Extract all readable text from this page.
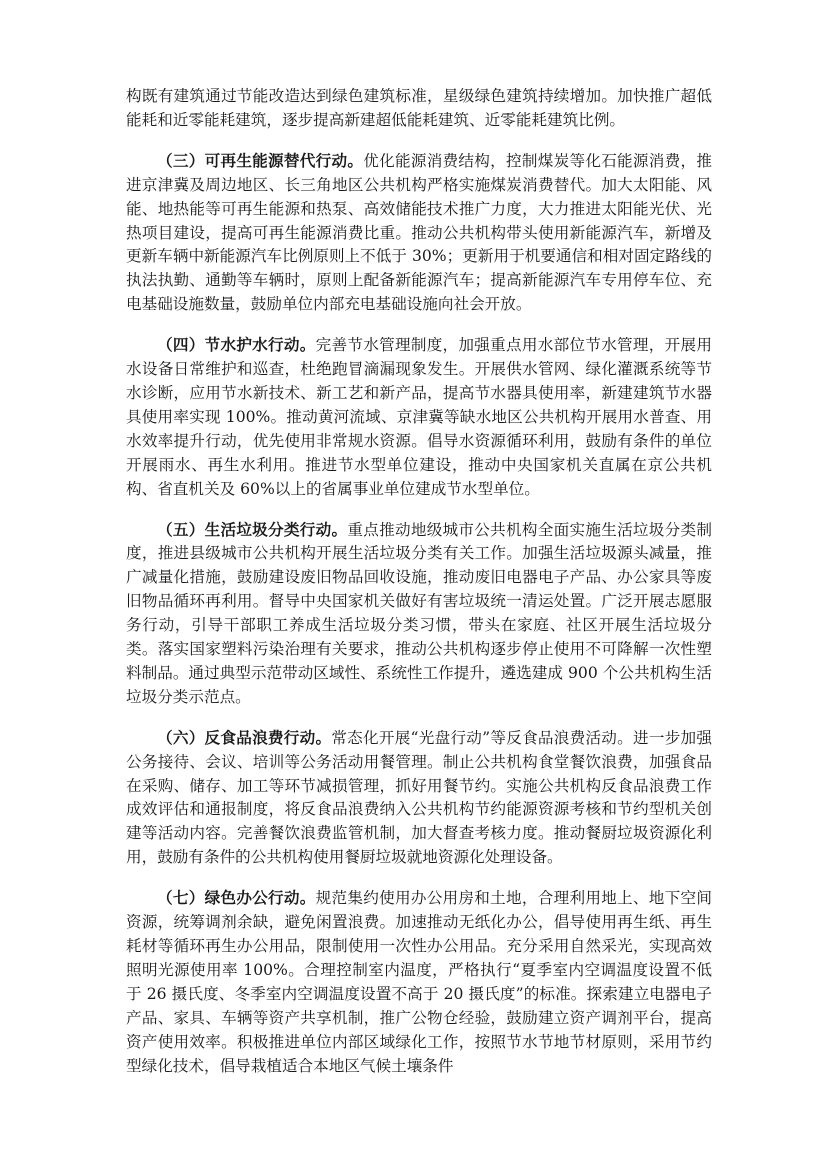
构既有建筑通过节能改造达到绿色建筑标准，星级绿色建筑持续增加。加快推广超低能耗和近零能耗建筑，逐步提高新建超低能耗建筑、近零能耗建筑比例。

（三）可再生能源替代行动。优化能源消费结构，控制煤炭等化石能源消费，推进京津冀及周边地区、长三角地区公共机构严格实施煤炭消费替代。加大太阳能、风能、地热能等可再生能源和热泵、高效储能技术推广力度，大力推进太阳能光伏、光热项目建设，提高可再生能源消费比重。推动公共机构带头使用新能源汽车，新增及更新车辆中新能源汽车比例原则上不低于 30%；更新用于机要通信和相对固定路线的执法执勤、通勤等车辆时，原则上配备新能源汽车；提高新能源汽车专用停车位、充电基础设施数量，鼓励单位内部充电基础设施向社会开放。

（四）节水护水行动。完善节水管理制度，加强重点用水部位节水管理，开展用水设备日常维护和巡查，杜绝跑冒滴漏现象发生。开展供水管网、绿化灌溉系统等节水诊断，应用节水新技术、新工艺和新产品，提高节水器具使用率，新建建筑节水器具使用率实现 100%。推动黄河流域、京津冀等缺水地区公共机构开展用水普查、用水效率提升行动，优先使用非常规水资源。倡导水资源循环利用，鼓励有条件的单位开展雨水、再生水利用。推进节水型单位建设，推动中央国家机关直属在京公共机构、省直机关及 60%以上的省属事业单位建成节水型单位。

（五）生活垃圾分类行动。重点推动地级城市公共机构全面实施生活垃圾分类制度，推进县级城市公共机构开展生活垃圾分类有关工作。加强生活垃圾源头减量，推广减量化措施，鼓励建设废旧物品回收设施，推动废旧电器电子产品、办公家具等废旧物品循环再利用。督导中央国家机关做好有害垃圾统一清运处置。广泛开展志愿服务行动，引导干部职工养成生活垃圾分类习惯，带头在家庭、社区开展生活垃圾分类。落实国家塑料污染治理有关要求，推动公共机构逐步停止使用不可降解一次性塑料制品。通过典型示范带动区域性、系统性工作提升，遴选建成 900 个公共机构生活垃圾分类示范点。

（六）反食品浪费行动。常态化开展“光盘行动”等反食品浪费活动。进一步加强公务接待、会议、培训等公务活动用餐管理。制止公共机构食堂餐饮浪费，加强食品在采购、储存、加工等环节减损管理，抓好用餐节约。实施公共机构反食品浪费工作成效评估和通报制度，将反食品浪费纳入公共机构节约能源资源考核和节约型机关创建等活动内容。完善餐饮浪费监管机制，加大督查考核力度。推动餐厨垃圾资源化利用，鼓励有条件的公共机构使用餐厨垃圾就地资源化处理设备。

（七）绿色办公行动。规范集约使用办公用房和土地，合理利用地上、地下空间资源，统筹调剂余缺，避免闲置浪费。加速推动无纸化办公，倡导使用再生纸、再生耗材等循环再生办公用品，限制使用一次性办公用品。充分采用自然采光，实现高效照明光源使用率 100%。合理控制室内温度，严格执行“夏季室内空调温度设置不低于 26 摄氏度、冬季室内空调温度设置不高于 20 摄氏度”的标准。探索建立电器电子产品、家具、车辆等资产共享机制，推广公物仓经验，鼓励建立资产调剂平台，提高资产使用效率。积极推进单位内部区域绿化工作，按照节水节地节材原则，采用节约型绿化技术，倡导栽植适合本地区气候土壤条件
